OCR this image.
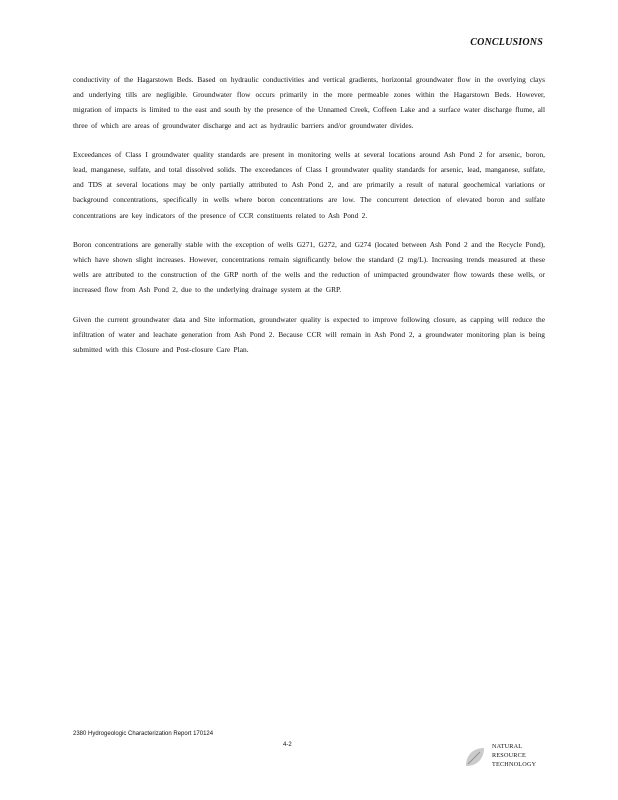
CONCLUSIONS

conductivity of the Hagarstown Beds. Based on hydraulic conductivities and vertical gradients, horizontal groundwater flow in the overlying clays and underlying tills are negligible. Groundwater flow occurs primarily in the more permeable zones within the Hagarstown Beds. However, migration of impacts is limited to the east and south by the presence of the Unnamed Creek, Coffeen Lake and a surface water discharge flume, all three of which are areas of groundwater discharge and act as hydraulic barriers and/or groundwater divides.

Exceedances of Class I groundwater quality standards are present in monitoring wells at several locations around Ash Pond 2 for arsenic, boron, lead, manganese, sulfate, and total dissolved solids. The exceedances of Class I groundwater quality standards for arsenic, lead, manganese, sulfate, and TDS at several locations may be only partially attributed to Ash Pond 2, and are primarily a result of natural geochemical variations or background concentrations, specifically in wells where boron concentrations are low. The concurrent detection of elevated boron and sulfate concentrations are key indicators of the presence of CCR constituents related to Ash Pond 2.

Boron concentrations are generally stable with the exception of wells G271, G272, and G274 (located between Ash Pond 2 and the Recycle Pond), which have shown slight increases. However, concentrations remain significantly below the standard (2 mg/L). Increasing trends measured at these wells are attributed to the construction of the GRP north of the wells and the reduction of unimpacted groundwater flow towards these wells, or increased flow from Ash Pond 2, due to the underlying drainage system at the GRP.

Given the current groundwater data and Site information, groundwater quality is expected to improve following closure, as capping will reduce the infiltration of water and leachate generation from Ash Pond 2. Because CCR will remain in Ash Pond 2, a groundwater monitoring plan is being submitted with this Closure and Post-closure Care Plan.

2380 Hydrogeologic Characterization Report 170124
4-2	NATURAL
RESOURCE
TECHNOLOGY
